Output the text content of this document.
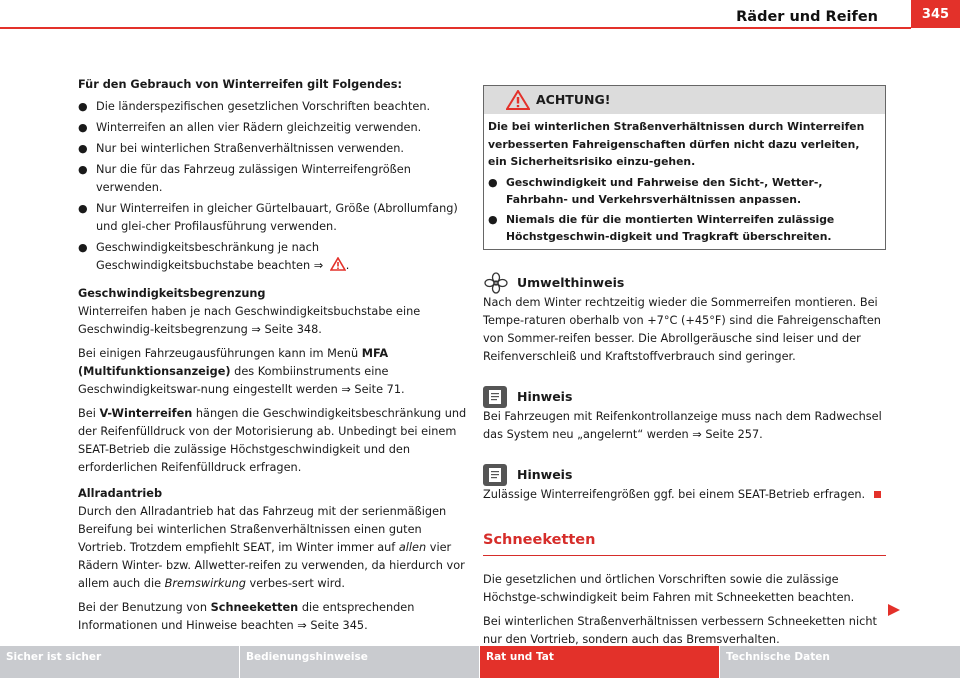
Räder und Reifen	345

Für den Gebrauch von Winterreifen gilt Folgendes:

● Die länderspezifischen gesetzlichen Vorschriften beachten.
● Winterreifen an allen vier Rädern gleichzeitig verwenden.
● Nur bei winterlichen Straßenverhältnissen verwenden.
● Nur die für das Fahrzeug zulässigen Winterreifengrößen verwenden.
● Nur Winterreifen in gleicher Gürtelbauart, Größe (Abrollumfang) und glei-cher Profilausführung verwenden.
● Geschwindigkeitsbeschränkung je nach Geschwindigkeitsbuchstabe beachten ⇒ .

Geschwindigkeitsbegrenzung

Winterreifen haben je nach Geschwindigkeitsbuchstabe eine Geschwindig-keitsbegrenzung ⇒ Seite 348.

Bei einigen Fahrzeugausführungen kann im Menü MFA (Multifunktionsanzeige) des Kombiinstruments eine Geschwindigkeitswar-nung eingestellt werden ⇒ Seite 71.

Bei V-Winterreifen hängen die Geschwindigkeitsbeschränkung und der Reifenfülldruck von der Motorisierung ab. Unbedingt bei einem SEAT-Betrieb die zulässige Höchstgeschwindigkeit und den erforderlichen Reifenfülldruck erfragen.

Allradantrieb

Durch den Allradantrieb hat das Fahrzeug mit der serienmäßigen Bereifung bei winterlichen Straßenverhältnissen einen guten Vortrieb. Trotzdem empfiehlt SEAT, im Winter immer auf allen vier Rädern Winter- bzw. Allwetter-reifen zu verwenden, da hierdurch vor allem auch die Bremswirkung verbes-sert wird.

Bei der Benutzung von Schneeketten die entsprechenden Informationen und Hinweise beachten ⇒ Seite 345.

ACHTUNG!

Die bei winterlichen Straßenverhältnissen durch Winterreifen verbesserten Fahreigenschaften dürfen nicht dazu verleiten, ein Sicherheitsrisiko einzu-gehen.

● Geschwindigkeit und Fahrweise den Sicht-, Wetter-, Fahrbahn- und Verkehrsverhältnissen anpassen.
● Niemals die für die montierten Winterreifen zulässige Höchstgeschwin-digkeit und Tragkraft überschreiten.
Umwelthinweis

Nach dem Winter rechtzeitig wieder die Sommerreifen montieren. Bei Tempe-raturen oberhalb von +7°C (+45°F) sind die Fahreigenschaften von Sommer-reifen besser. Die Abrollgeräusche sind leiser und der Reifenverschleiß und Kraftstoffverbrauch sind geringer.

Hinweis

Bei Fahrzeugen mit Reifenkontrollanzeige muss nach dem Radwechsel das System neu „angelernt“ werden ⇒ Seite 257.

Hinweis

Zulässige Winterreifengrößen ggf. bei einem SEAT-Betrieb erfragen.

Schneeketten

Die gesetzlichen und örtlichen Vorschriften sowie die zulässige Höchstge-schwindigkeit beim Fahren mit Schneeketten beachten.

Bei winterlichen Straßenverhältnissen verbessern Schneeketten nicht nur den Vortrieb, sondern auch das Bremsverhalten.

Sicher ist sicher	Bedienungshinweise	Rat und Tat	Technische Daten
